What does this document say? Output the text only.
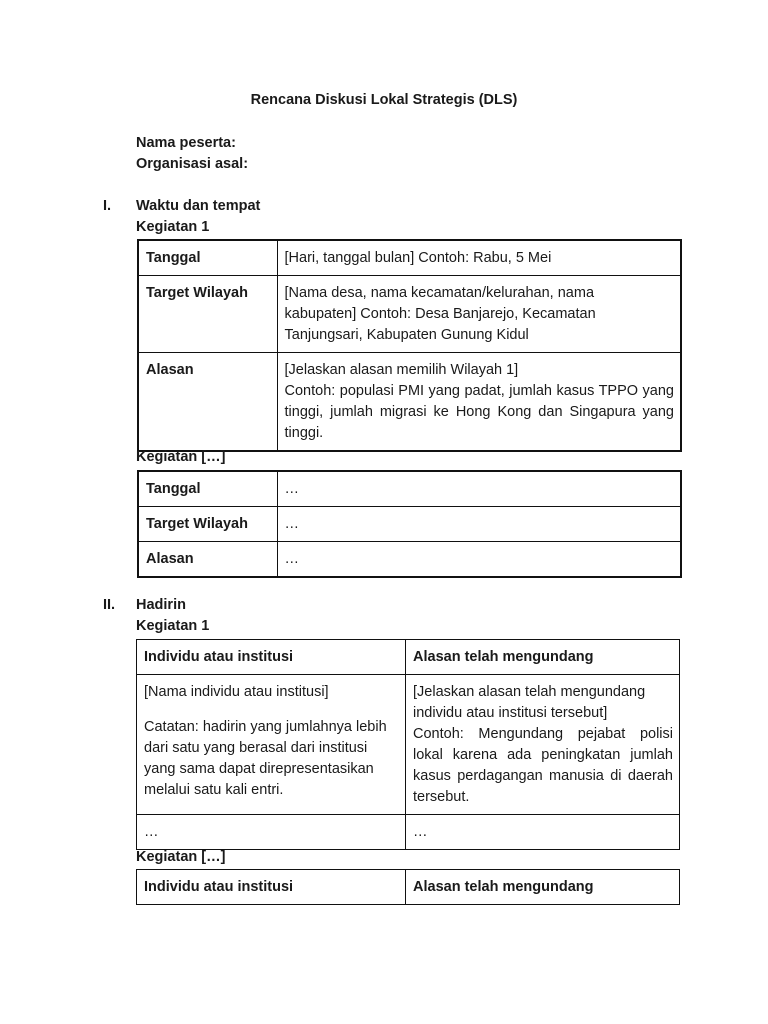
Rencana Diskusi Lokal Strategis (DLS)
Nama peserta:
Organisasi asal:
I. Waktu dan tempat
Kegiatan 1
Tanggal	[Hari, tanggal bulan] Contoh: Rabu, 5 Mei

Target Wilayah	[Nama desa, nama kecamatan/kelurahan, nama
kabupaten] Contoh: Desa Banjarejo, Kecamatan
Tanjungsari, Kabupaten Gunung Kidul

Alasan	[Jelaskan alasan memilih Wilayah 1]
Contoh: populasi PMI yang padat, jumlah kasus TPPO yang tinggi, jumlah migrasi ke Hong Kong dan Singapura yang tinggi.
Kegiatan […]
Tanggal	…
Target Wilayah	…
Alasan	…
II. Hadirin
Kegiatan 1
Individu atau institusi	Alasan telah mengundang

[Nama individu atau institusi]
Catatan: hadirin yang jumlahnya lebih
dari satu yang berasal dari institusi
yang sama dapat direpresentasikan
melalui satu kali entri.	[Jelaskan alasan telah mengundang
individu atau institusi tersebut]
Contoh: Mengundang pejabat polisi lokal karena ada peningkatan jumlah kasus perdagangan manusia di daerah tersebut.

…	…
Kegiatan […]
Individu atau institusi	Alasan telah mengundang
